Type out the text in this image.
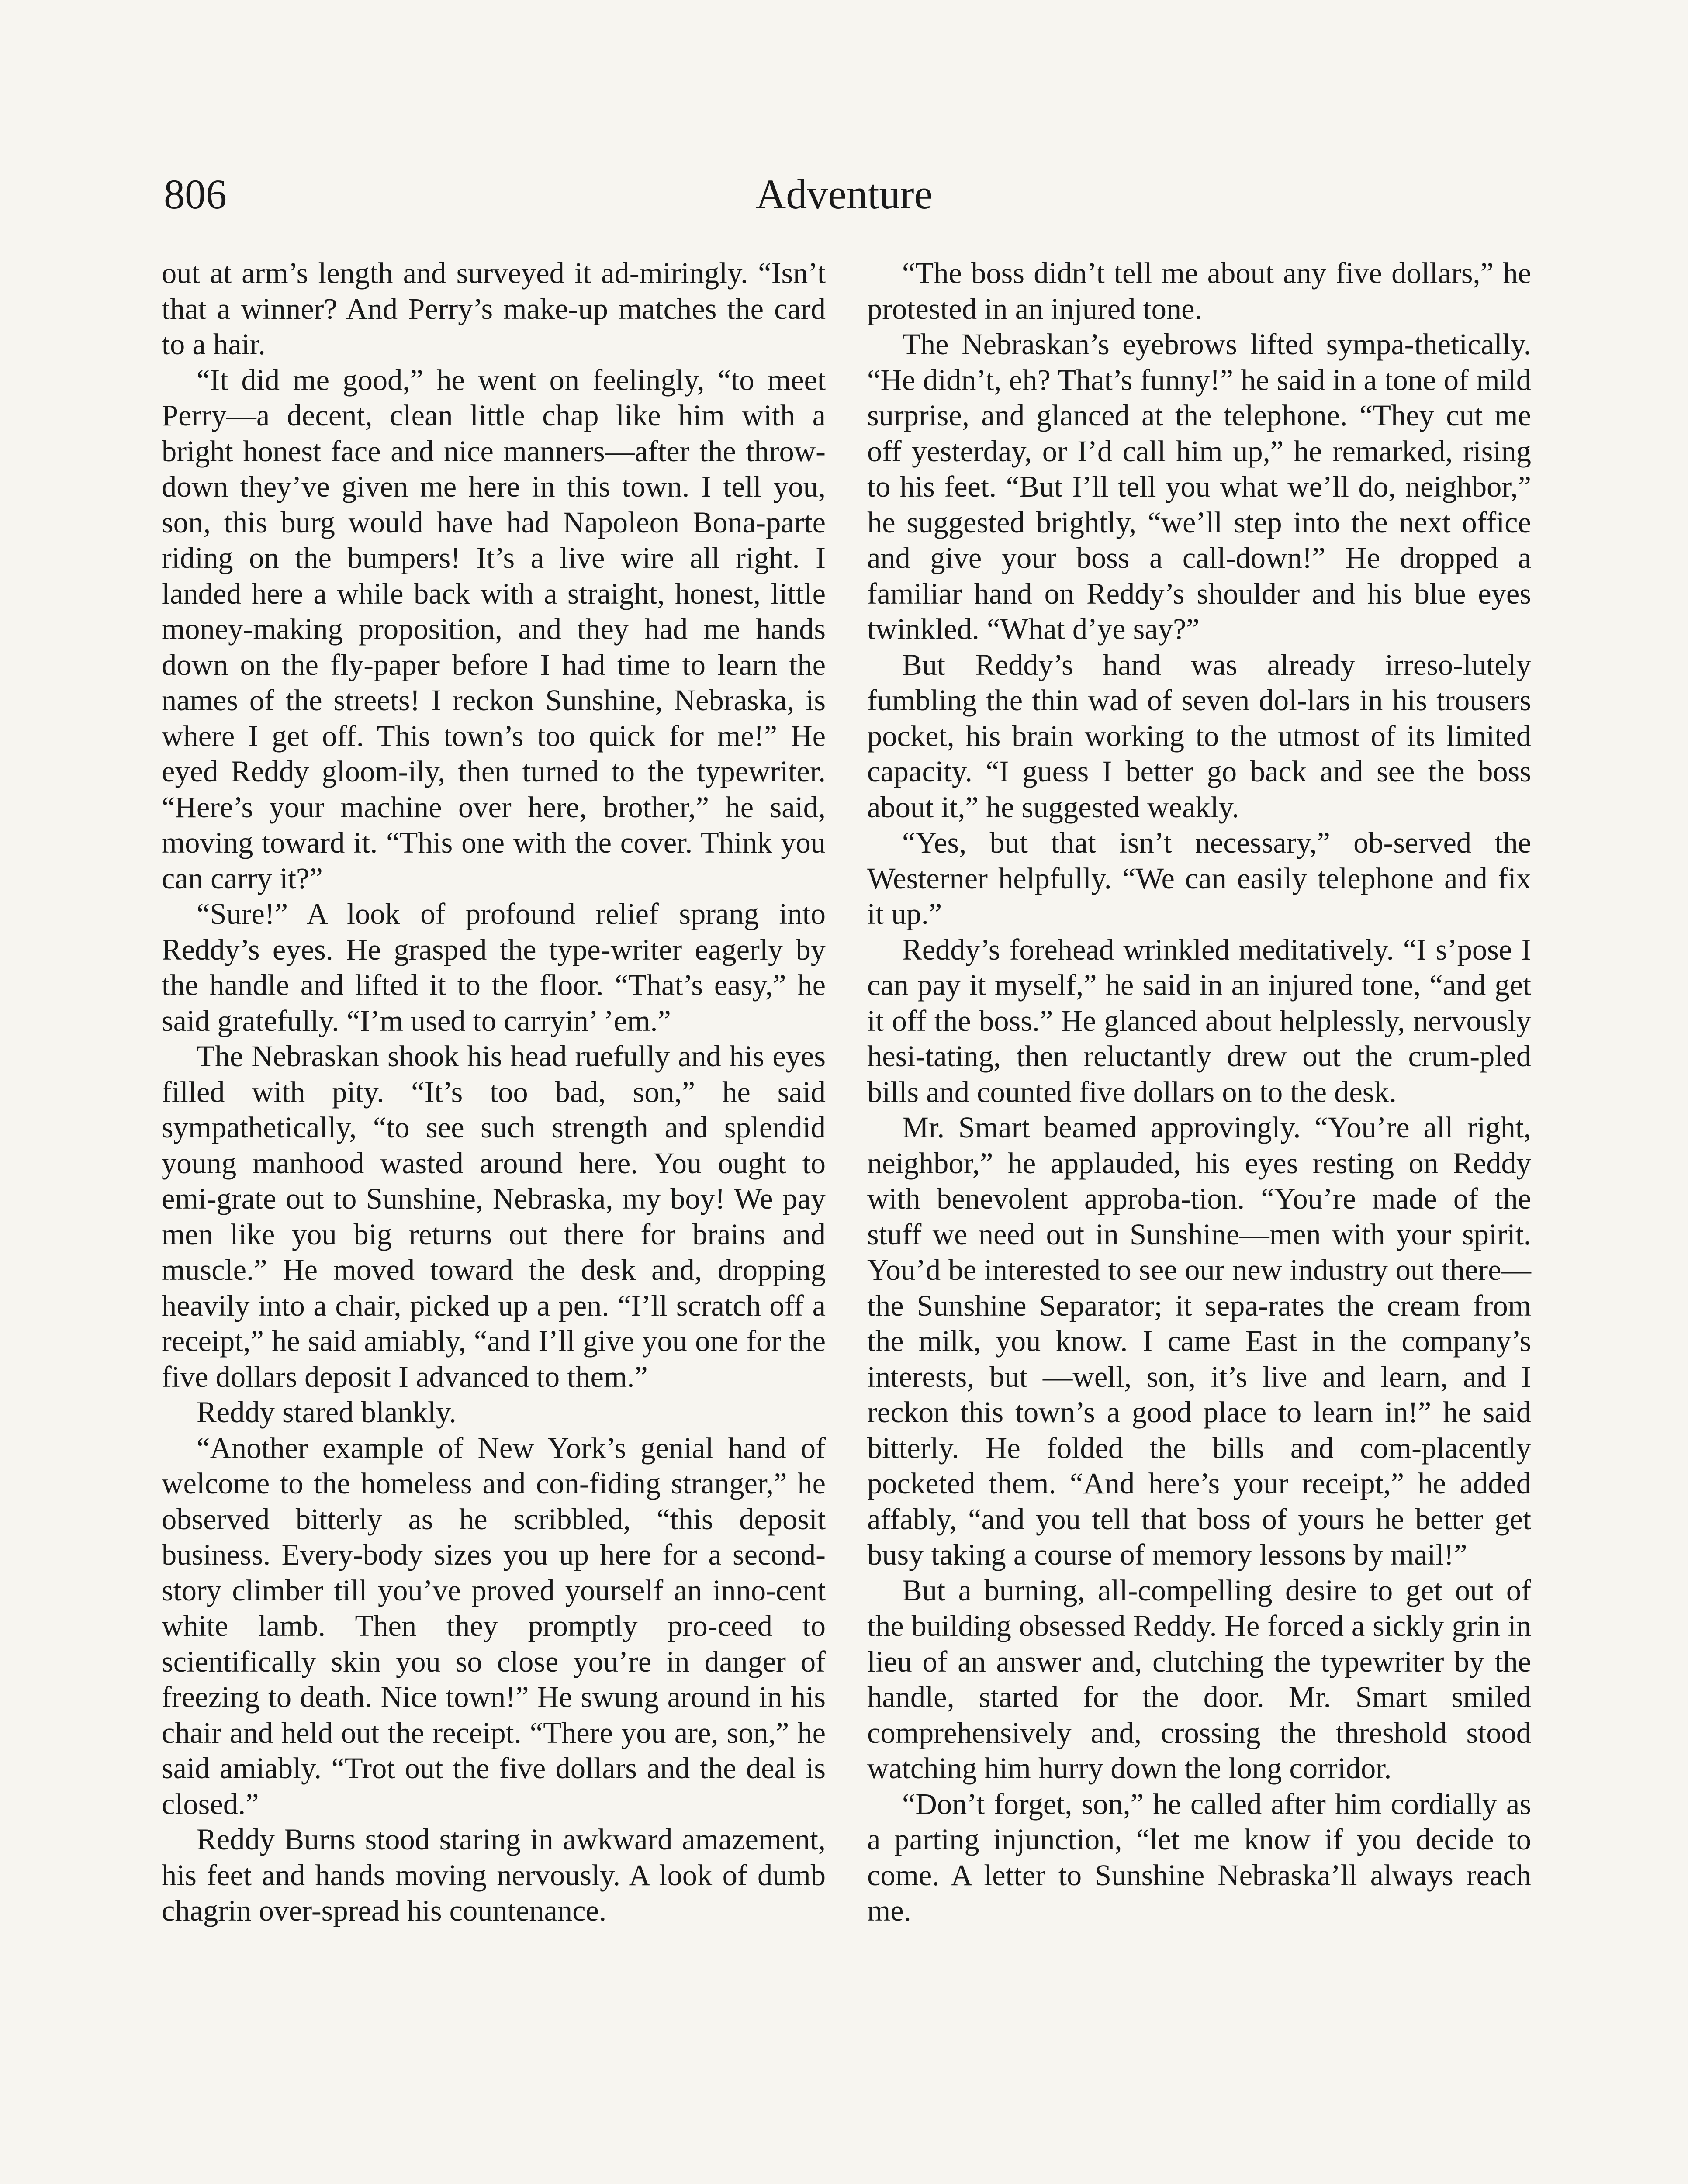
806	Adventure

out at arm’s length and surveyed it ad-miringly. “Isn’t that a winner? And Perry’s make-up matches the card to a hair.

“It did me good,” he went on feelingly, “to meet Perry—a decent, clean little chap like him with a bright honest face and nice manners—after the throw-down they’ve given me here in this town. I tell you, son, this burg would have had Napoleon Bona-parte riding on the bumpers! It’s a live wire all right. I landed here a while back with a straight, honest, little money-making proposition, and they had me hands down on the fly-paper before I had time to learn the names of the streets! I reckon Sunshine, Nebraska, is where I get off. This town’s too quick for me!” He eyed Reddy gloom-ily, then turned to the typewriter. “Here’s your machine over here, brother,” he said, moving toward it. “This one with the cover. Think you can carry it?”

“Sure!” A look of profound relief sprang into Reddy’s eyes. He grasped the type-writer eagerly by the handle and lifted it to the floor. “That’s easy,” he said gratefully. “I’m used to carryin’ ’em.”

The Nebraskan shook his head ruefully and his eyes filled with pity. “It’s too bad, son,” he said sympathetically, “to see such strength and splendid young manhood wasted around here. You ought to emi-grate out to Sunshine, Nebraska, my boy! We pay men like you big returns out there for brains and muscle.” He moved toward the desk and, dropping heavily into a chair, picked up a pen. “I’ll scratch off a receipt,” he said amiably, “and I’ll give you one for the five dollars deposit I advanced to them.”

Reddy stared blankly.

“Another example of New York’s genial hand of welcome to the homeless and con-fiding stranger,” he observed bitterly as he scribbled, “this deposit business. Every-body sizes you up here for a second-story climber till you’ve proved yourself an inno-cent white lamb. Then they promptly pro-ceed to scientifically skin you so close you’re in danger of freezing to death. Nice town!” He swung around in his chair and held out the receipt. “There you are, son,” he said amiably. “Trot out the five dollars and the deal is closed.”

Reddy Burns stood staring in awkward amazement, his feet and hands moving nervously. A look of dumb chagrin over-spread his countenance.

“The boss didn’t tell me about any five dollars,” he protested in an injured tone.

The Nebraskan’s eyebrows lifted sympa-thetically. “He didn’t, eh? That’s funny!” he said in a tone of mild surprise, and glanced at the telephone. “They cut me off yesterday, or I’d call him up,” he remarked, rising to his feet. “But I’ll tell you what we’ll do, neighbor,” he suggested brightly, “we’ll step into the next office and give your boss a call-down!” He dropped a familiar hand on Reddy’s shoulder and his blue eyes twinkled. “What d’ye say?”

But Reddy’s hand was already irreso-lutely fumbling the thin wad of seven dol-lars in his trousers pocket, his brain working to the utmost of its limited capacity. “I guess I better go back and see the boss about it,” he suggested weakly.

“Yes, but that isn’t necessary,” ob-served the Westerner helpfully. “We can easily telephone and fix it up.”

Reddy’s forehead wrinkled meditatively. “I s’pose I can pay it myself,” he said in an injured tone, “and get it off the boss.” He glanced about helplessly, nervously hesi-tating, then reluctantly drew out the crum-pled bills and counted five dollars on to the desk.

Mr. Smart beamed approvingly. “You’re all right, neighbor,” he applauded, his eyes resting on Reddy with benevolent approba-tion. “You’re made of the stuff we need out in Sunshine—men with your spirit. You’d be interested to see our new industry out there—the Sunshine Separator; it sepa-rates the cream from the milk, you know. I came East in the company’s interests, but —well, son, it’s live and learn, and I reckon this town’s a good place to learn in!” he said bitterly. He folded the bills and com-placently pocketed them. “And here’s your receipt,” he added affably, “and you tell that boss of yours he better get busy taking a course of memory lessons by mail!”

But a burning, all-compelling desire to get out of the building obsessed Reddy. He forced a sickly grin in lieu of an answer and, clutching the typewriter by the handle, started for the door. Mr. Smart smiled comprehensively and, crossing the threshold stood watching him hurry down the long corridor.

“Don’t forget, son,” he called after him cordially as a parting injunction, “let me know if you decide to come. A letter to Sunshine Nebraska’ll always reach me.
